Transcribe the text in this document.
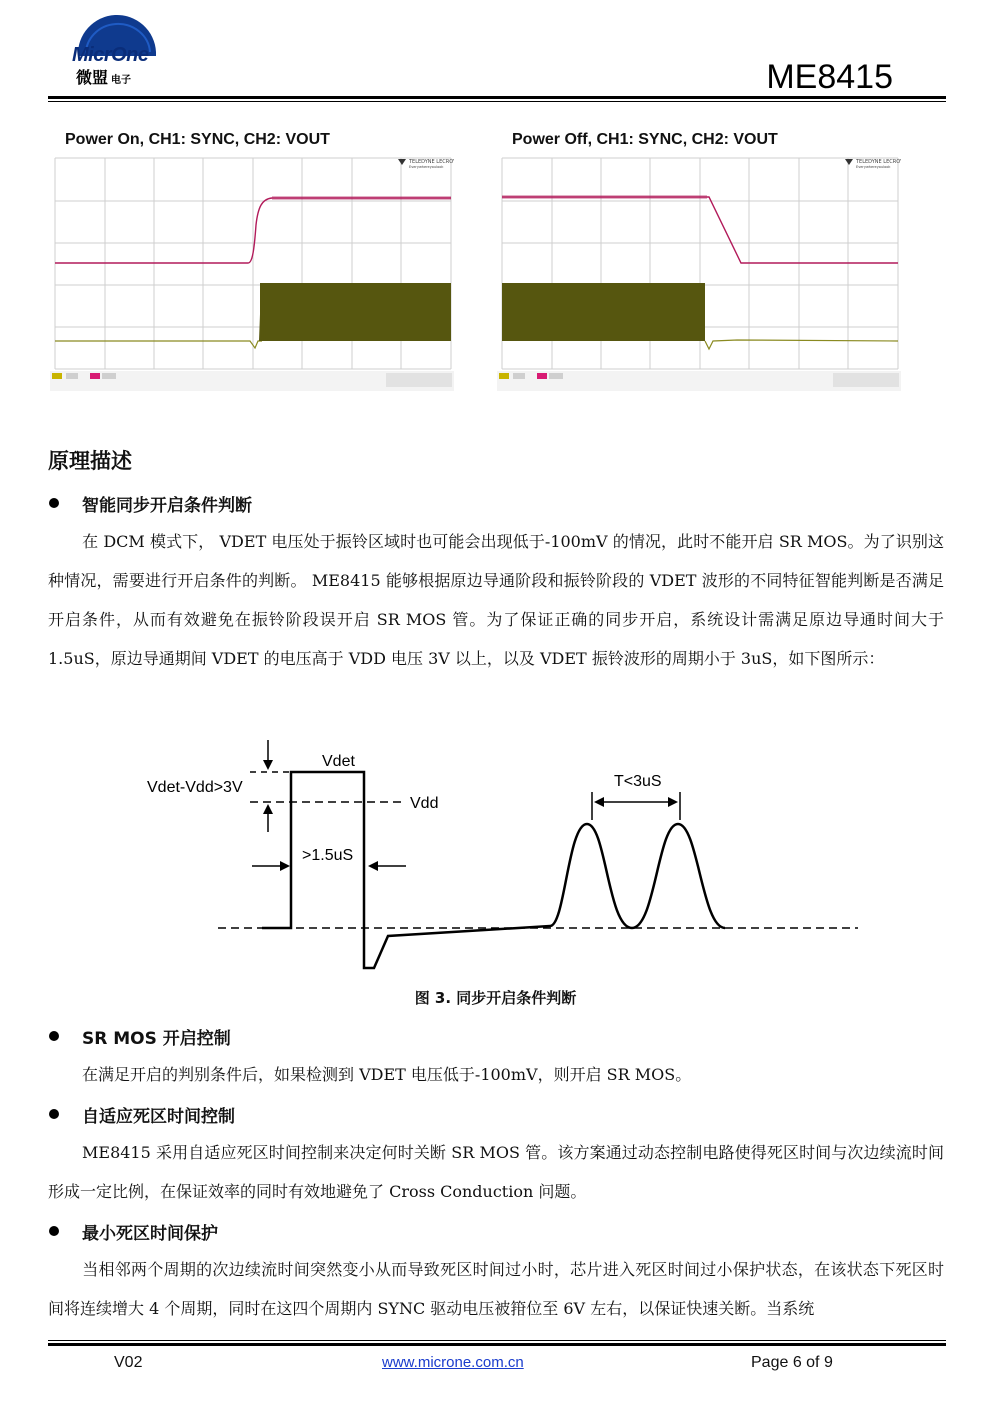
MicrOne
微盟 电子	ME8415
Power On, CH1: SYNC, CH2: VOUT	Power Off, CH1: SYNC, CH2: VOUT
TELEDYNE LECROY
Everywhereyoulook
TELEDYNE LECROY
Everywhereyoulook
原理描述
智能同步开启条件判断
在 DCM 模式下， VDET 电压处于振铃区域时也可能会出现低于-100mV 的情况，此时不能开启 SR MOS。为了识别这种情况，需要进行开启条件的判断。 ME8415 能够根据原边导通阶段和振铃阶段的 VDET 波形的不同特征智能判断是否满足开启条件，从而有效避免在振铃阶段误开启 SR MOS 管。为了保证正确的同步开启，系统设计需满足原边导通时间大于 1.5uS，原边导通期间 VDET 的电压高于 VDD 电压 3V 以上，以及 VDET 振铃波形的周期小于 3uS，如下图所示：
Vdet
Vdet-Vdd>3V
Vdd
>1.5uS
T<3uS
图 3. 同步开启条件判断
SR MOS 开启控制
在满足开启的判别条件后，如果检测到 VDET 电压低于-100mV，则开启 SR MOS。
自适应死区时间控制
ME8415 采用自适应死区时间控制来决定何时关断 SR MOS 管。该方案通过动态控制电路使得死区时间与次边续流时间形成一定比例，在保证效率的同时有效地避免了 Cross Conduction 问题。
最小死区时间保护
当相邻两个周期的次边续流时间突然变小从而导致死区时间过小时，芯片进入死区时间过小保护状态，在该状态下死区时间将连续增大 4 个周期，同时在这四个周期内 SYNC 驱动电压被箝位至 6V 左右，以保证快速关断。当系统
V02	www.microne.com.cn	Page 6 of 9
